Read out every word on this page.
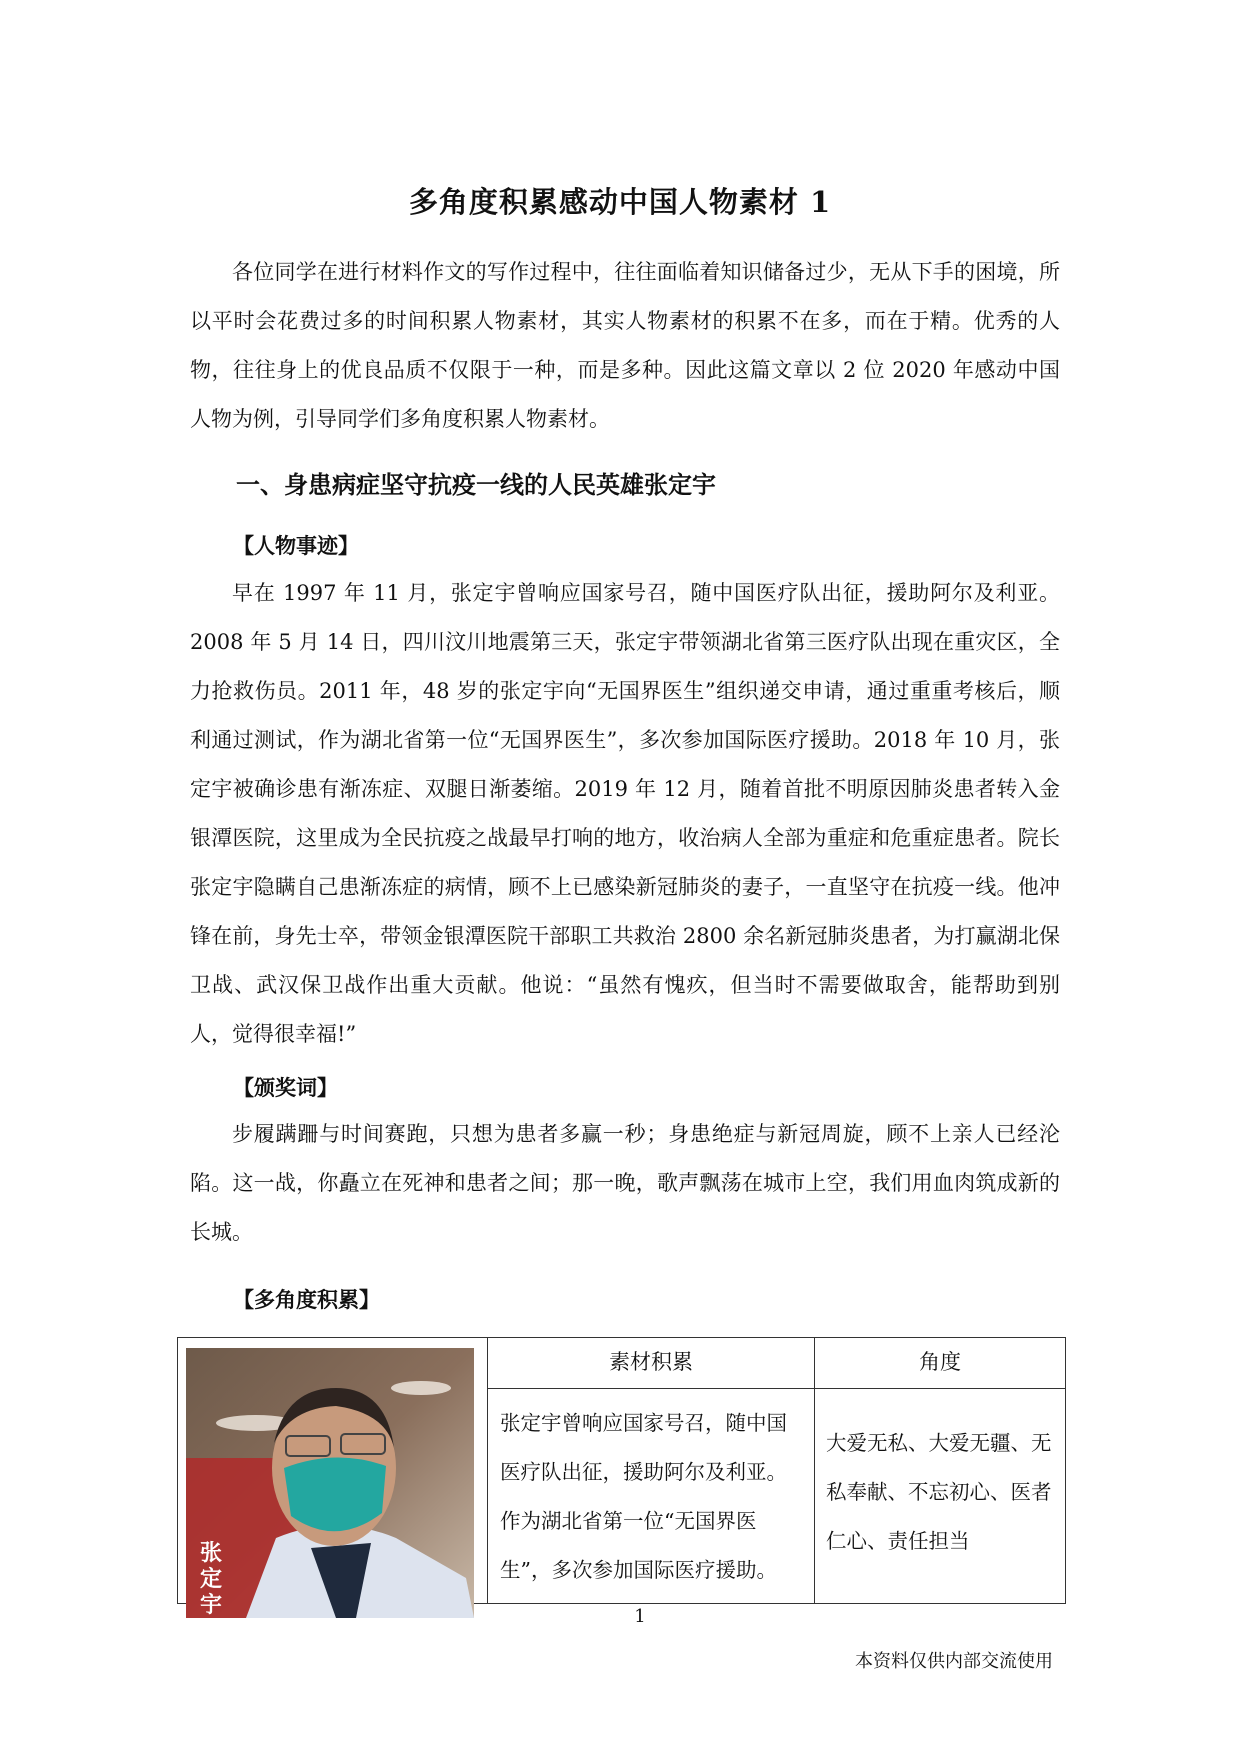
多角度积累感动中国人物素材 1
各位同学在进行材料作文的写作过程中，往往面临着知识储备过少，无从下手的困境，所以平时会花费过多的时间积累人物素材，其实人物素材的积累不在多，而在于精。优秀的人物，往往身上的优良品质不仅限于一种，而是多种。因此这篇文章以 2 位 2020 年感动中国人物为例，引导同学们多角度积累人物素材。
一、身患病症坚守抗疫一线的人民英雄张定宇
【人物事迹】
早在 1997 年 11 月，张定宇曾响应国家号召，随中国医疗队出征，援助阿尔及利亚。2008 年 5 月 14 日，四川汶川地震第三天，张定宇带领湖北省第三医疗队出现在重灾区，全力抢救伤员。2011 年，48 岁的张定宇向“无国界医生”组织递交申请，通过重重考核后，顺利通过测试，作为湖北省第一位“无国界医生”，多次参加国际医疗援助。2018 年 10 月，张定宇被确诊患有渐冻症、双腿日渐萎缩。2019 年 12 月，随着首批不明原因肺炎患者转入金银潭医院，这里成为全民抗疫之战最早打响的地方，收治病人全部为重症和危重症患者。院长张定宇隐瞒自己患渐冻症的病情，顾不上已感染新冠肺炎的妻子，一直坚守在抗疫一线。他冲锋在前，身先士卒，带领金银潭医院干部职工共救治 2800 余名新冠肺炎患者，为打赢湖北保卫战、武汉保卫战作出重大贡献。他说：“虽然有愧疚，但当时不需要做取舍，能帮助到别人，觉得很幸福!”
【颁奖词】
步履蹒跚与时间赛跑，只想为患者多赢一秒；身患绝症与新冠周旋，顾不上亲人已经沦陷。这一战，你矗立在死神和患者之间；那一晚，歌声飘荡在城市上空，我们用血肉筑成新的长城。
【多角度积累】
张
定
宇
素材积累	角度
张定宇曾响应国家号召，随中国医疗队出征，援助阿尔及利亚。作为湖北省第一位“无国界医生”，多次参加国际医疗援助。
大爱无私、大爱无疆、无私奉献、不忘初心、医者仁心、责任担当
1
本资料仅供内部交流使用
